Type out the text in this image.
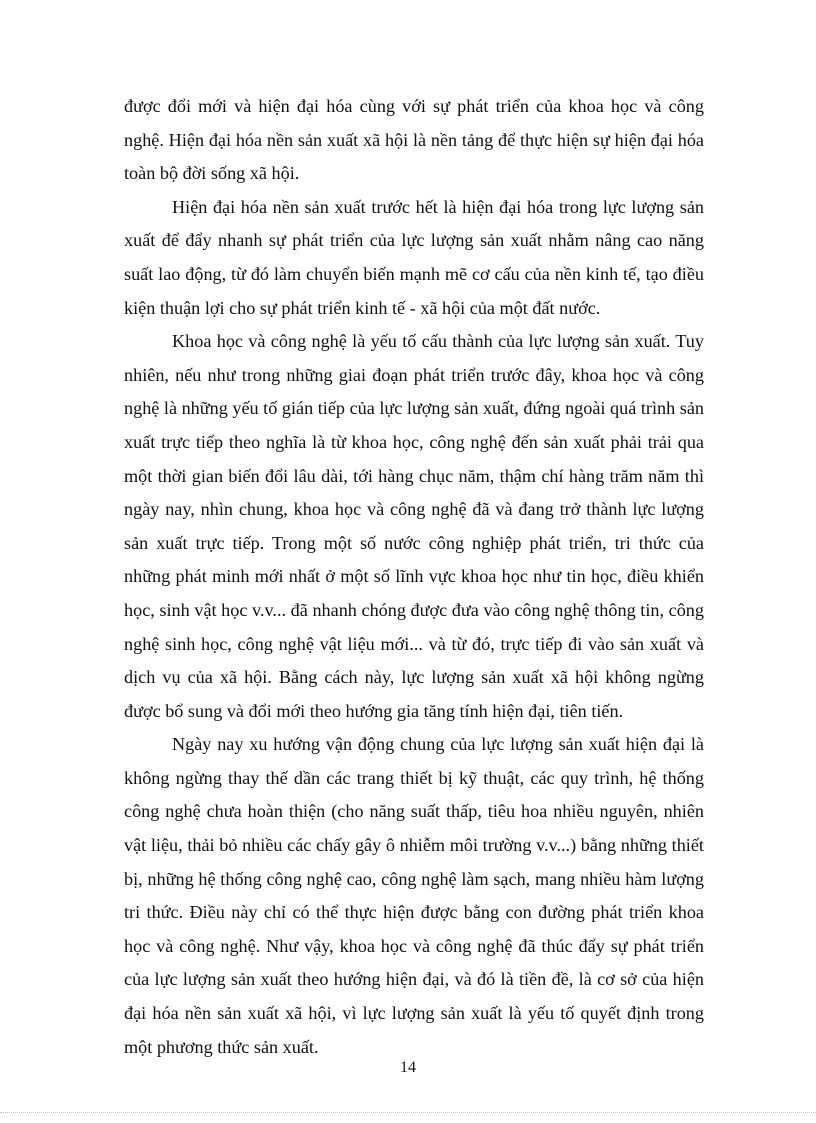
được đổi mới và hiện đại hóa cùng với sự phát triển của khoa học và công nghệ. Hiện đại hóa nền sản xuất xã hội là nền tảng để thực hiện sự hiện đại hóa toàn bộ đời sống xã hội.

Hiện đại hóa nền sản xuất trước hết là hiện đại hóa trong lực lượng sản xuất để đẩy nhanh sự phát triển của lực lượng sản xuất nhằm nâng cao năng suất lao động, từ đó làm chuyển biến mạnh mẽ cơ cấu của nền kinh tế, tạo điều kiện thuận lợi cho sự phát triển kinh tế - xã hội của một đất nước.

Khoa học và công nghệ là yếu tố cấu thành của lực lượng sản xuất. Tuy nhiên, nếu như trong những giai đoạn phát triển trước đây, khoa học và công nghệ là những yếu tố gián tiếp của lực lượng sản xuất, đứng ngoài quá trình sản xuất trực tiếp theo nghĩa là từ khoa học, công nghệ đến sản xuất phải trải qua một thời gian biến đổi lâu dài, tới hàng chục năm, thậm chí hàng trăm năm thì ngày nay, nhìn chung, khoa học và công nghệ đã và đang trở thành lực lượng sản xuất trực tiếp. Trong một số nước công nghiệp phát triển, tri thức của những phát minh mới nhất ở một số lĩnh vực khoa học như tin học, điều khiển học, sinh vật học v.v... đã nhanh chóng được đưa vào công nghệ thông tin, công nghệ sinh học, công nghệ vật liệu mới... và từ đó, trực tiếp đi vào sản xuất và dịch vụ của xã hội. Bằng cách này, lực lượng sản xuất xã hội không ngừng được bổ sung và đổi mới theo hướng gia tăng tính hiện đại, tiên tiến.

Ngày nay xu hướng vận động chung của lực lượng sản xuất hiện đại là không ngừng thay thế dần các trang thiết bị kỹ thuật, các quy trình, hệ thống công nghệ chưa hoàn thiện (cho năng suất thấp, tiêu hoa nhiều nguyên, nhiên vật liệu, thải bỏ nhiều các chấy gây ô nhiễm môi trường v.v...) bằng những thiết bị, những hệ thống công nghệ cao, công nghệ làm sạch, mang nhiều hàm lượng tri thức. Điều này chỉ có thể thực hiện được bằng con đường phát triển khoa học và công nghệ. Như vậy, khoa học và công nghệ đã thúc đẩy sự phát triển của lực lượng sản xuất theo hướng hiện đại, và đó là tiền đề, là cơ sở của hiện đại hóa nền sản xuất xã hội, vì lực lượng sản xuất là yếu tố quyết định trong một phương thức sản xuất.

14
